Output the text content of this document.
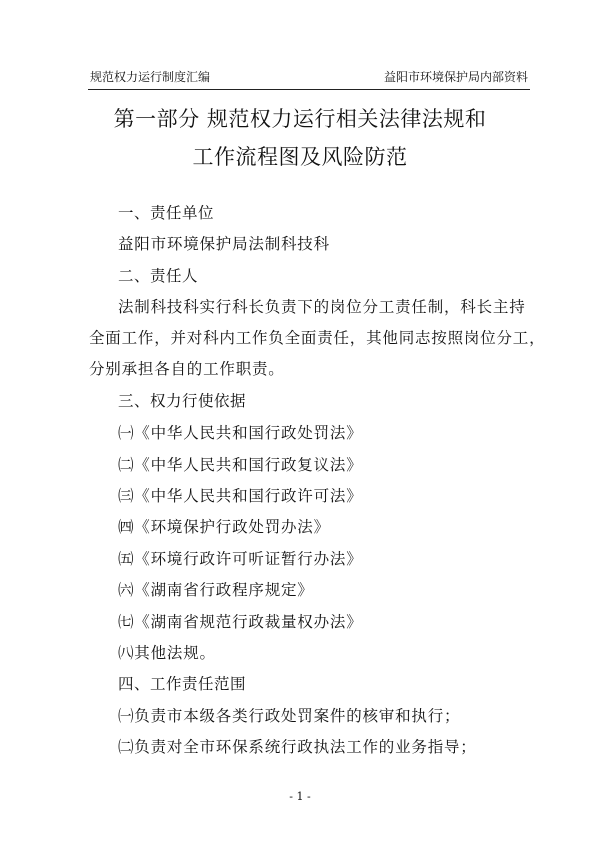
规范权力运行制度汇编	益阳市环境保护局内部资料
第一部分 规范权力运行相关法律法规和
工作流程图及风险防范
一、责任单位
益阳市环境保护局法制科技科
二、责任人
法制科技科实行科长负责下的岗位分工责任制，科长主持
全面工作，并对科内工作负全面责任，其他同志按照岗位分工，
分别承担各自的工作职责。
三、权力行使依据
㈠《中华人民共和国行政处罚法》
㈡《中华人民共和国行政复议法》
㈢《中华人民共和国行政许可法》
㈣《环境保护行政处罚办法》
㈤《环境行政许可听证暂行办法》
㈥《湖南省行政程序规定》
㈦《湖南省规范行政裁量权办法》
㈧其他法规。
四、工作责任范围
㈠负责市本级各类行政处罚案件的核审和执行；
㈡负责对全市环保系统行政执法工作的业务指导；
- 1 -
